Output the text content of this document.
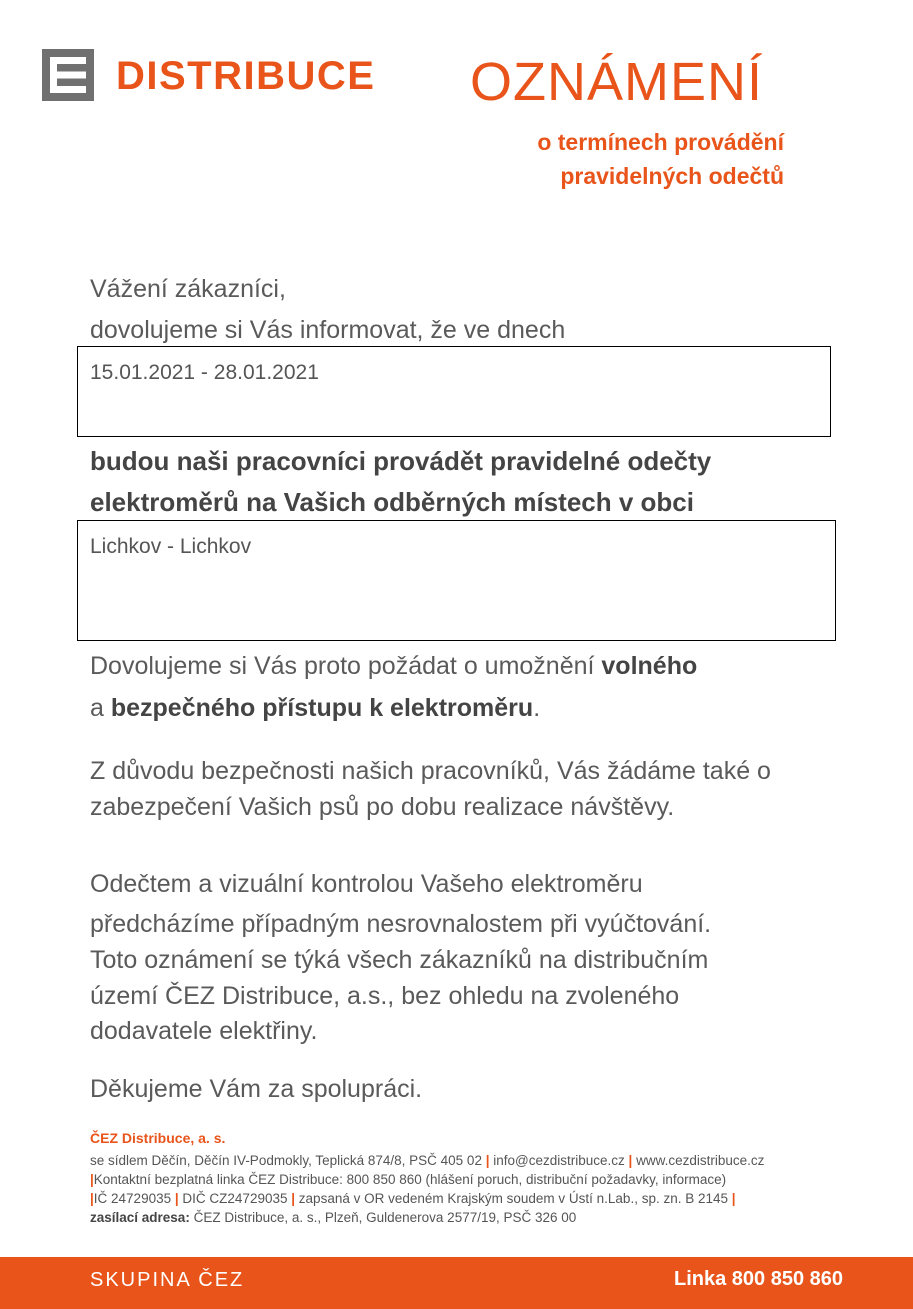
DISTRIBUCE OZNÁMENÍ
o termínech provádění
pravidelných odečtů
Vážení zákazníci,
dovolujeme si Vás informovat, že ve dnech
15.01.2021 - 28.01.2021
budou naši pracovníci provádět pravidelné odečty
elektroměrů na Vašich odběrných místech v obci
Lichkov - Lichkov
Dovolujeme si Vás proto požádat o umožnění volného
a bezpečného přístupu k elektroměru.
Z důvodu bezpečnosti našich pracovníků, Vás žádáme také o
zabezpečení Vašich psů po dobu realizace návštěvy.
Odečtem a vizuální kontrolou Vašeho elektroměru
předcházíme případným nesrovnalostem při vyúčtování.
Toto oznámení se týká všech zákazníků na distribučním
území ČEZ Distribuce, a.s., bez ohledu na zvoleného
dodavatele elektřiny.
Děkujeme Vám za spolupráci.
ČEZ Distribuce, a. s.
se sídlem Děčín, Děčín IV-Podmokly, Teplická 874/8, PSČ 405 02 | info@cezdistribuce.cz | www.cezdistribuce.cz
|Kontaktní bezplatná linka ČEZ Distribuce: 800 850 860 (hlášení poruch, distribuční požadavky, informace)
|IČ 24729035 | DIČ CZ24729035 | zapsaná v OR vedeném Krajským soudem v Ústí n.Lab., sp. zn. B 2145 |
zasílací adresa: ČEZ Distribuce, a. s., Plzeň, Guldenerova 2577/19, PSČ 326 00
SKUPINA ČEZ	Linka 800 850 860
